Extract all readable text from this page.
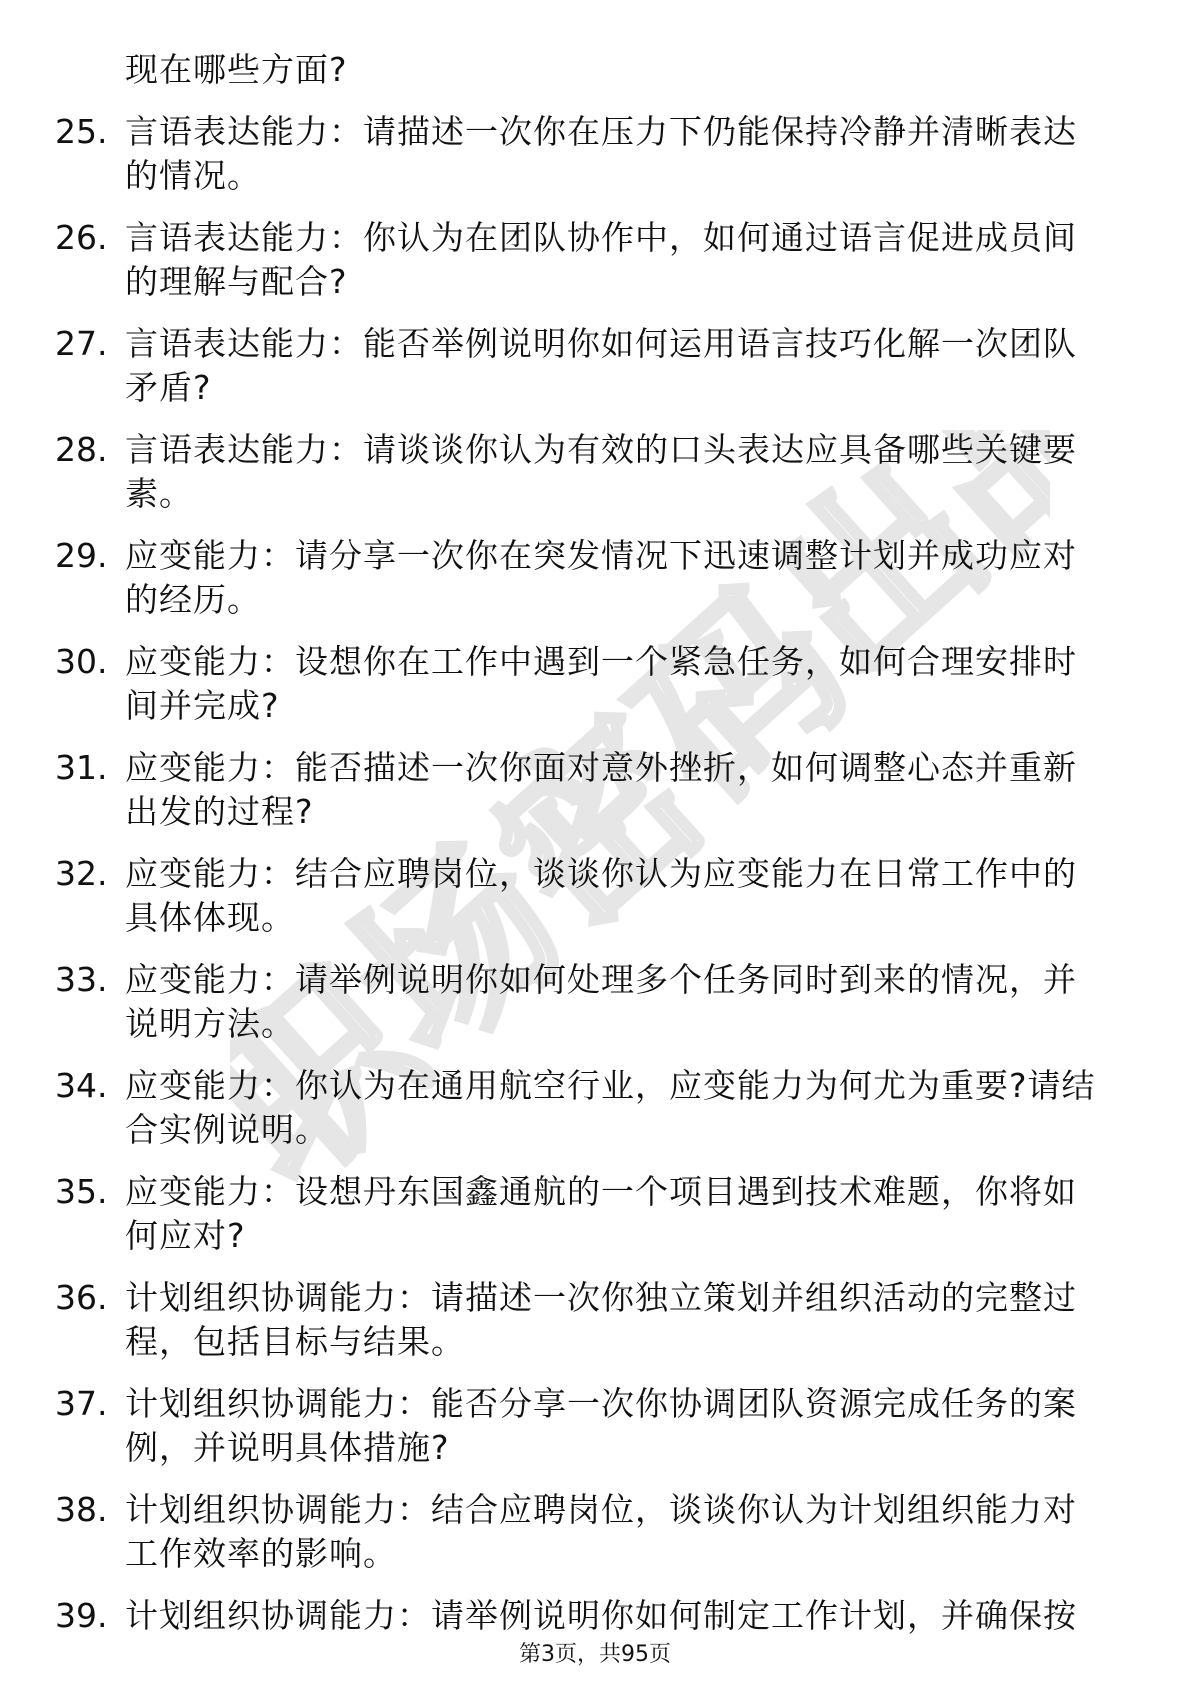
职场密码出品
现在哪些方面?
25. 言语表达能力：请描述一次你在压力下仍能保持冷静并清晰表达的情况。
26. 言语表达能力：你认为在团队协作中，如何通过语言促进成员间的理解与配合?
27. 言语表达能力：能否举例说明你如何运用语言技巧化解一次团队矛盾?
28. 言语表达能力：请谈谈你认为有效的口头表达应具备哪些关键要素。
29. 应变能力：请分享一次你在突发情况下迅速调整计划并成功应对的经历。
30. 应变能力：设想你在工作中遇到一个紧急任务，如何合理安排时间并完成?
31. 应变能力：能否描述一次你面对意外挫折，如何调整心态并重新出发的过程?
32. 应变能力：结合应聘岗位，谈谈你认为应变能力在日常工作中的具体体现。
33. 应变能力：请举例说明你如何处理多个任务同时到来的情况，并说明方法。
34. 应变能力：你认为在通用航空行业，应变能力为何尤为重要?请结合实例说明。
35. 应变能力：设想丹东国鑫通航的一个项目遇到技术难题，你将如何应对?
36. 计划组织协调能力：请描述一次你独立策划并组织活动的完整过程，包括目标与结果。
37. 计划组织协调能力：能否分享一次你协调团队资源完成任务的案例，并说明具体措施?
38. 计划组织协调能力：结合应聘岗位，谈谈你认为计划组织能力对工作效率的影响。
39. 计划组织协调能力：请举例说明你如何制定工作计划，并确保按
第3页，共95页
